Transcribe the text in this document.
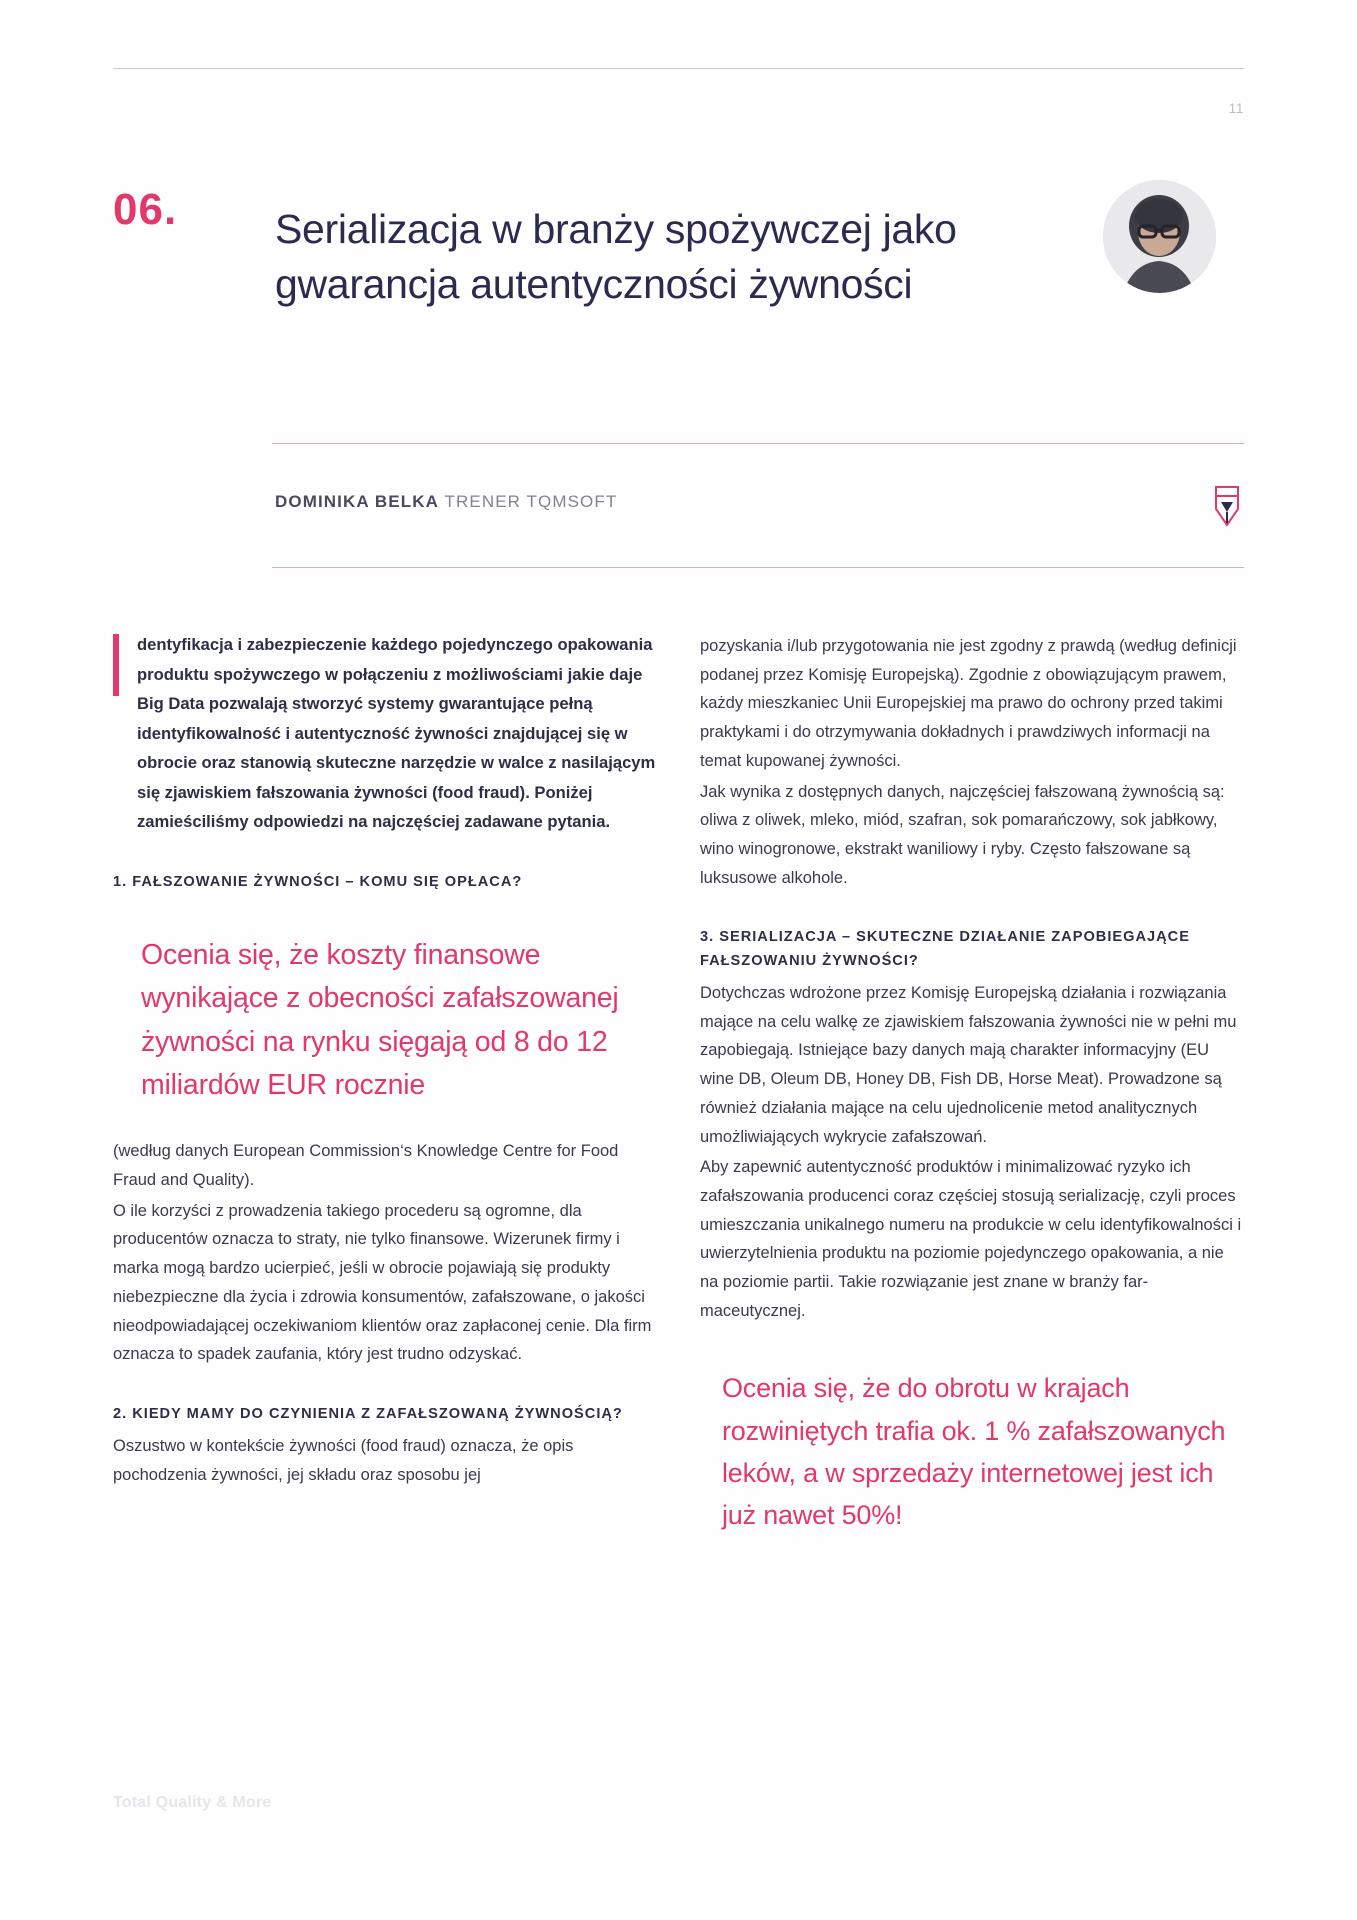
11
06. Serializacja w branży spożywczej jako gwarancja autentyczności żywności
DOMINIKA BELKA TRENER TQMSOFT

dentyfikacja i zabezpieczenie każdego pojedynczego opakowania produktu spożywczego w połączeniu z możliwościami jakie daje Big Data pozwalają stworzyć systemy gwarantujące pełną identyfikowalność i autentyczność żywności znajdującej się w obrocie oraz stanowią skuteczne narzędzie w walce z nasilającym się zjawiskiem fałszowania żywności (food fraud). Poniżej zamieściliśmy odpowiedzi na najczęściej zadawane pytania.

1. FAŁSZOWANIE ŻYWNOŚCI – KOMU SIĘ OPŁACA?
Ocenia się, że koszty finansowe wynikające z obecności zafałszowanej żywności na rynku sięgają od 8 do 12 miliardów EUR rocznie

(według danych European Commission‘s Knowledge Centre for Food Fraud and Quality).

O ile korzyści z prowadzenia takiego procederu są ogromne, dla producentów oznacza to straty, nie tylko finansowe. Wizerunek firmy i marka mogą bardzo ucierpieć, jeśli w obrocie pojawiają się produkty niebezpieczne dla życia i zdrowia konsumentów, zafałszowane, o jakości nieodpowiadającej oczekiwaniom klientów oraz zapłaconej cenie. Dla firm oznacza to spadek zaufania, który jest trudno odzyskać.

2. KIEDY MAMY DO CZYNIENIA Z ZAFAŁSZOWANĄ ŻYWNOŚCIĄ?

Oszustwo w kontekście żywności (food fraud) oznacza, że opis pochodzenia żywności, jej składu oraz sposobu jej

pozyskania i/lub przygotowania nie jest zgodny z prawdą (według definicji podanej przez Komisję Europejską). Zgodnie z obowiązującym prawem, każdy mieszkaniec Unii Europejskiej ma prawo do ochrony przed takimi praktykami i do otrzymywania dokładnych i prawdziwych informacji na temat kupowanej żywności.

Jak wynika z dostępnych danych, najczęściej fałszowaną żywnością są: oliwa z oliwek, mleko, miód, szafran, sok pomarańczowy, sok jabłkowy, wino winogronowe, ekstrakt waniliowy i ryby. Często fałszowane są luksusowe alkohole.

3. SERIALIZACJA – SKUTECZNE DZIAŁANIE ZAPOBIEGAJĄCE FAŁSZOWANIU ŻYWNOŚCI?

Dotychczas wdrożone przez Komisję Europejską działania i rozwiązania mające na celu walkę ze zjawiskiem fałszowania żywności nie w pełni mu zapobiegają. Istniejące bazy danych mają charakter informacyjny (EU wine DB, Oleum DB, Honey DB, Fish DB, Horse Meat). Prowadzone są również działania mające na celu ujednolicenie metod analitycznych umożliwiających wykrycie zafałszowań.

Aby zapewnić autentyczność produktów i minimalizować ryzyko ich zafałszowania producenci coraz częściej stosują serializację, czyli proces umieszczania unikalnego numeru na produkcie w celu identyfikowalności i uwierzytelnienia produktu na poziomie pojedynczego opakowania, a nie na poziomie partii. Takie rozwiązanie jest znane w branży farmaceutycznej.

Ocenia się, że do obrotu w krajach rozwiniętych trafia ok. 1 % zafałszowanych leków, a w sprzedaży internetowej jest ich już nawet 50%!
Total Quality & More
